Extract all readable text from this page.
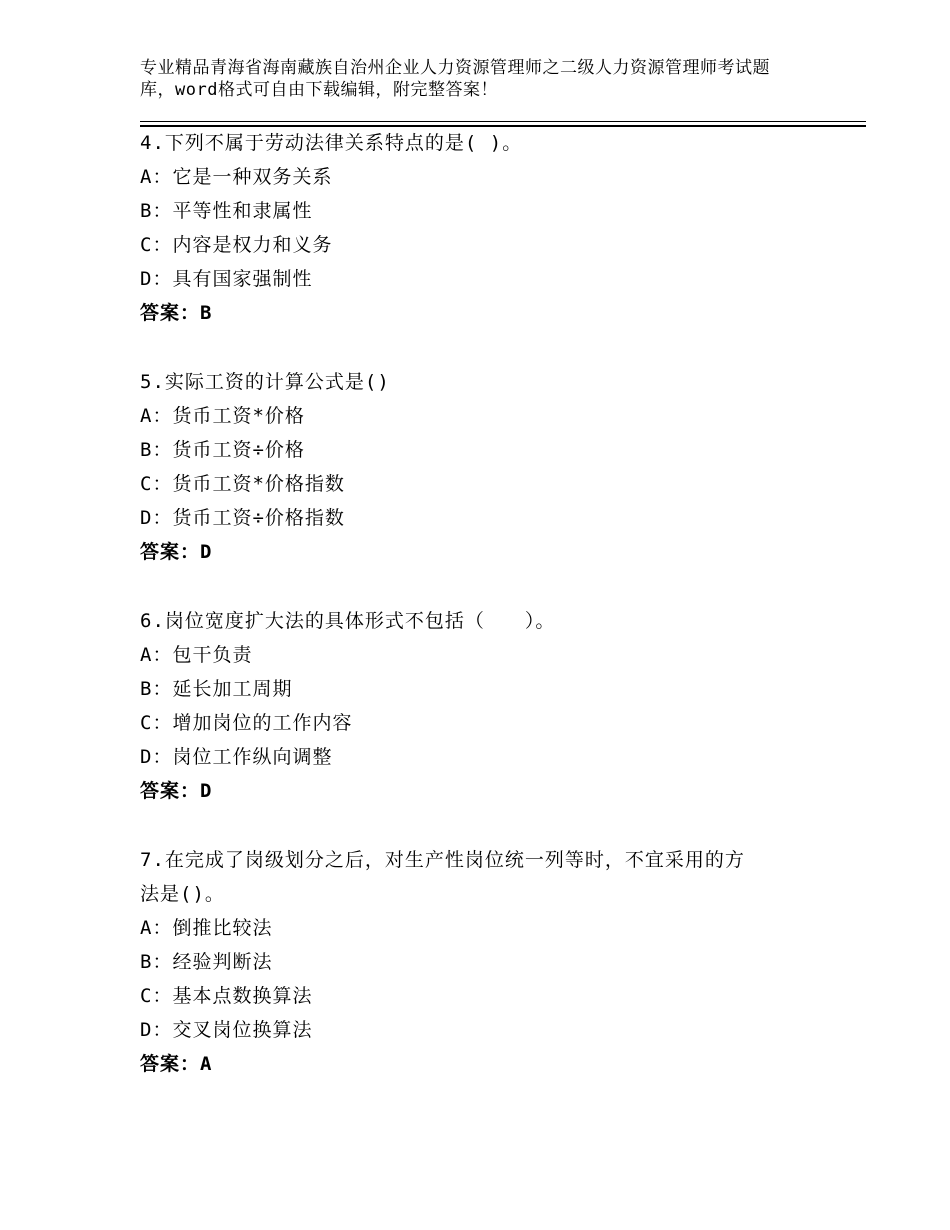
专业精品青海省海南藏族自治州企业人力资源管理师之二级人力资源管理师考试题
库，word格式可自由下载编辑，附完整答案！
4.下列不属于劳动法律关系特点的是( )。
A：它是一种双务关系
B：平等性和隶属性
C：内容是权力和义务
D：具有国家强制性
答案：B
5.实际工资的计算公式是()
A：货币工资*价格
B：货币工资÷价格
C：货币工资*价格指数
D：货币工资÷价格指数
答案：D
6.岗位宽度扩大法的具体形式不包括（　　）。
A：包干负责
B：延长加工周期
C：增加岗位的工作内容
D：岗位工作纵向调整
答案：D
7.在完成了岗级划分之后，对生产性岗位统一列等时，不宜采用的方
法是()。
A：倒推比较法
B：经验判断法
C：基本点数换算法
D：交叉岗位换算法
答案：A
